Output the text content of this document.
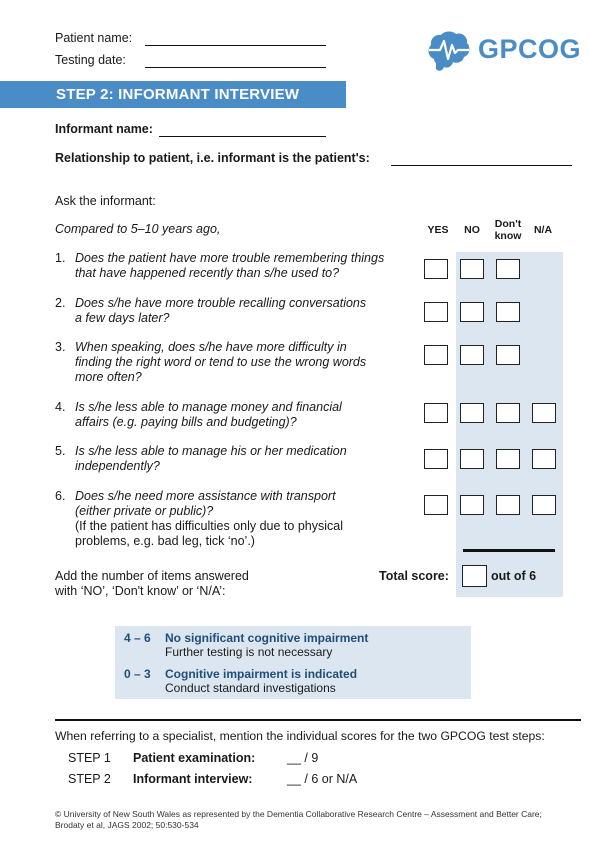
Patient name:
Testing date:	GPCOG
STEP 2: INFORMANT INTERVIEW
Informant name:
Relationship to patient, i.e. informant is the patient's:
Ask the informant:
Compared to 5–10 years ago,	YES	NO	Don't
know	N/A
1. Does the patient have more trouble remembering things
that have happened recently than s/he used to?
2. Does s/he have more trouble recalling conversations
a few days later?
3. When speaking, does s/he have more difficulty in
finding the right word or tend to use the wrong words
more often?
4. Is s/he less able to manage money and financial
affairs (e.g. paying bills and budgeting)?
5. Is s/he less able to manage his or her medication
independently?
6. Does s/he need more assistance with transport
(either private or public)?
(If the patient has difficulties only due to physical
problems, e.g. bad leg, tick ‘no’.)
Add the number of items answered
with ‘NO’, ‘Don't know’ or ‘N/A’:
Total score:	out of 6
4 – 6 No significant cognitive impairment
Further testing is not necessary
0 – 3 Cognitive impairment is indicated
Conduct standard investigations
When referring to a specialist, mention the individual scores for the two GPCOG test steps:
STEP 1 Patient examination:	__ / 9
STEP 2 Informant interview:	__ / 6 or N/A
© University of New South Wales as represented by the Dementia Collaborative Research Centre – Assessment and Better Care;
Brodaty et al, JAGS 2002; 50:530-534
